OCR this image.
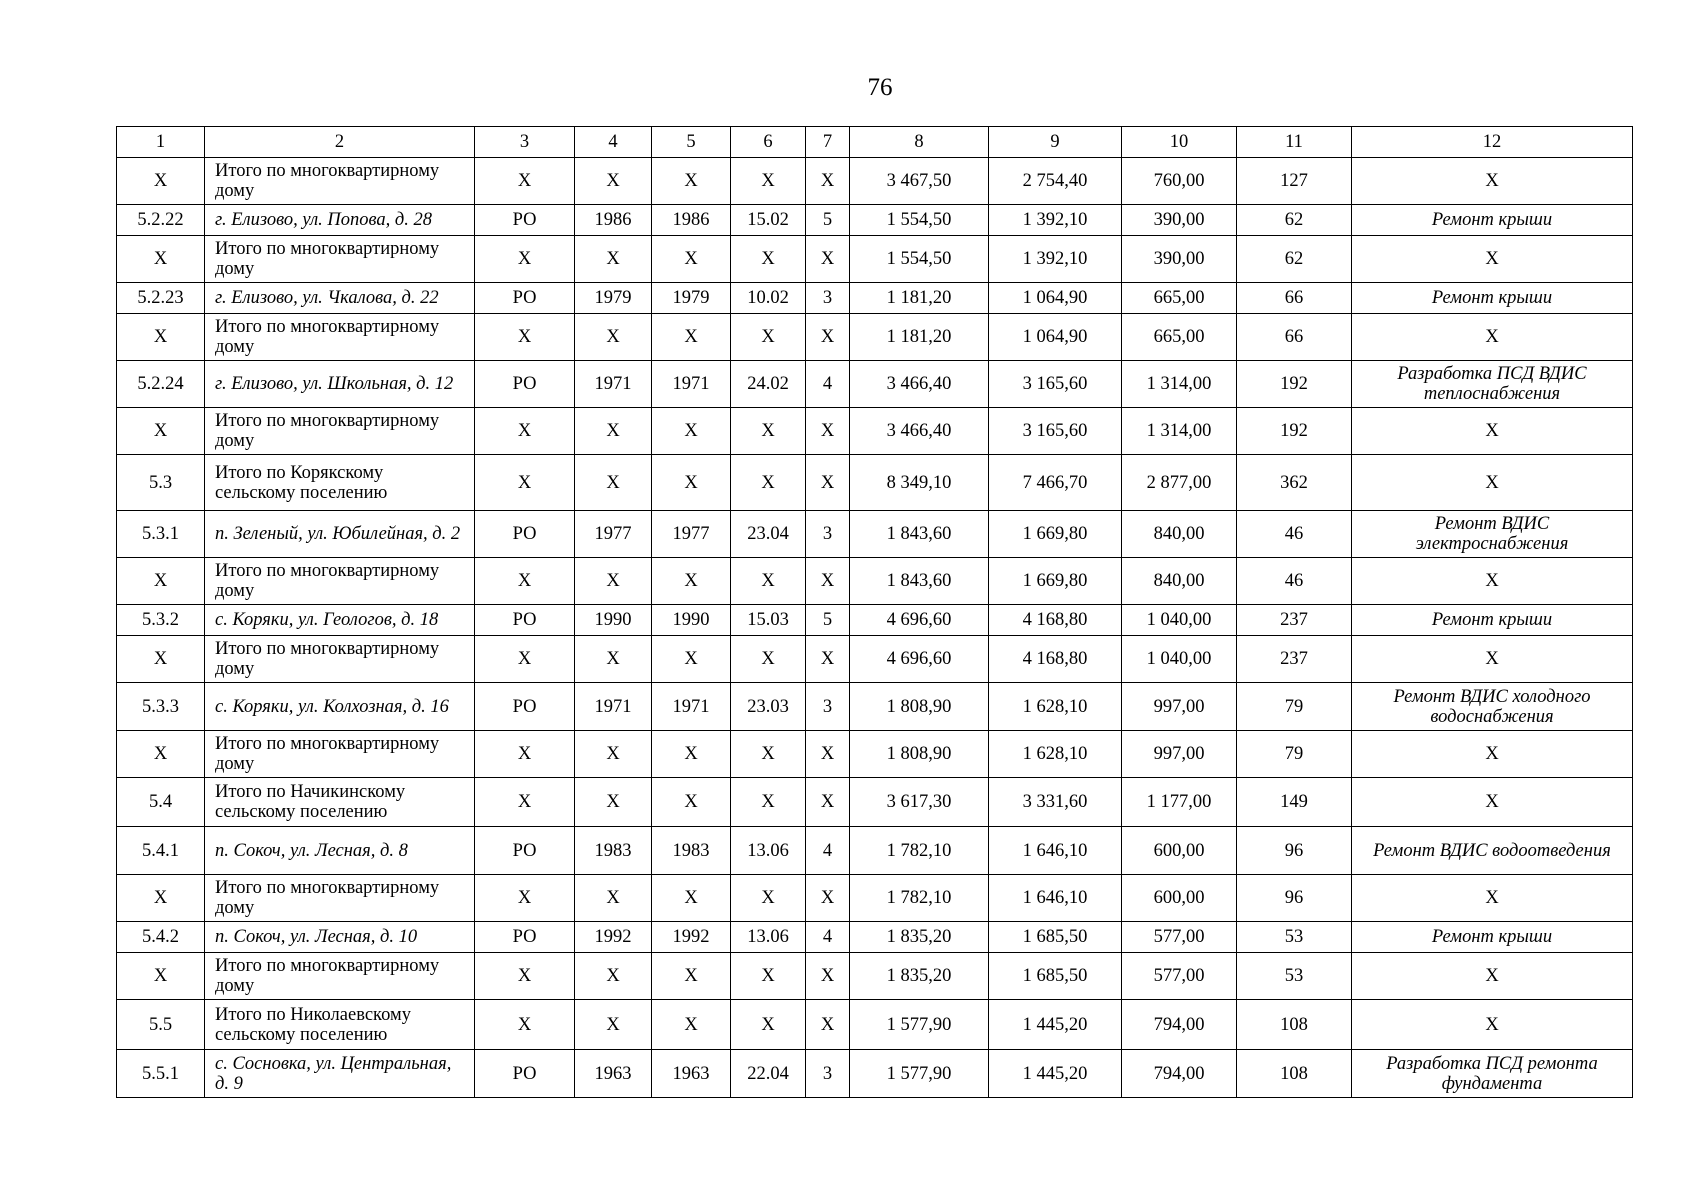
76
1	2	3	4	5	6	7	8	9	10	11	12
X	Итого по многоквартирному дому	X	X	X	X	X	3 467,50	2 754,40	760,00	127	X
5.2.22	г. Елизово, ул. Попова, д. 28	РО	1986	1986	15.02	5	1 554,50	1 392,10	390,00	62	Ремонт крыши
X	Итого по многоквартирному дому	X	X	X	X	X	1 554,50	1 392,10	390,00	62	X
5.2.23	г. Елизово, ул. Чкалова, д. 22	РО	1979	1979	10.02	3	1 181,20	1 064,90	665,00	66	Ремонт крыши
X	Итого по многоквартирному дому	X	X	X	X	X	1 181,20	1 064,90	665,00	66	X
5.2.24	г. Елизово, ул. Школьная, д. 12	РО	1971	1971	24.02	4	3 466,40	3 165,60	1 314,00	192	Разработка ПСД ВДИС теплоснабжения
X	Итого по многоквартирному дому	X	X	X	X	X	3 466,40	3 165,60	1 314,00	192	X
5.3	Итого по Корякскому сельскому поселению	X	X	X	X	X	8 349,10	7 466,70	2 877,00	362	X
5.3.1	п. Зеленый, ул. Юбилейная, д. 2	РО	1977	1977	23.04	3	1 843,60	1 669,80	840,00	46	Ремонт ВДИС электроснабжения
X	Итого по многоквартирному дому	X	X	X	X	X	1 843,60	1 669,80	840,00	46	X
5.3.2	с. Коряки, ул. Геологов, д. 18	РО	1990	1990	15.03	5	4 696,60	4 168,80	1 040,00	237	Ремонт крыши
X	Итого по многоквартирному дому	X	X	X	X	X	4 696,60	4 168,80	1 040,00	237	X
5.3.3	с. Коряки, ул. Колхозная, д. 16	РО	1971	1971	23.03	3	1 808,90	1 628,10	997,00	79	Ремонт ВДИС холодного водоснабжения
X	Итого по многоквартирному дому	X	X	X	X	X	1 808,90	1 628,10	997,00	79	X
5.4	Итого по Начикинскому сельскому поселению	X	X	X	X	X	3 617,30	3 331,60	1 177,00	149	X
5.4.1	п. Сокоч, ул. Лесная, д. 8	РО	1983	1983	13.06	4	1 782,10	1 646,10	600,00	96	Ремонт ВДИС водоотведения
X	Итого по многоквартирному дому	X	X	X	X	X	1 782,10	1 646,10	600,00	96	X
5.4.2	п. Сокоч, ул. Лесная, д. 10	РО	1992	1992	13.06	4	1 835,20	1 685,50	577,00	53	Ремонт крыши
X	Итого по многоквартирному дому	X	X	X	X	X	1 835,20	1 685,50	577,00	53	X
5.5	Итого по Николаевскому сельскому поселению	X	X	X	X	X	1 577,90	1 445,20	794,00	108	X
5.5.1	с. Сосновка, ул. Центральная, д. 9	РО	1963	1963	22.04	3	1 577,90	1 445,20	794,00	108	Разработка ПСД ремонта фундамента
